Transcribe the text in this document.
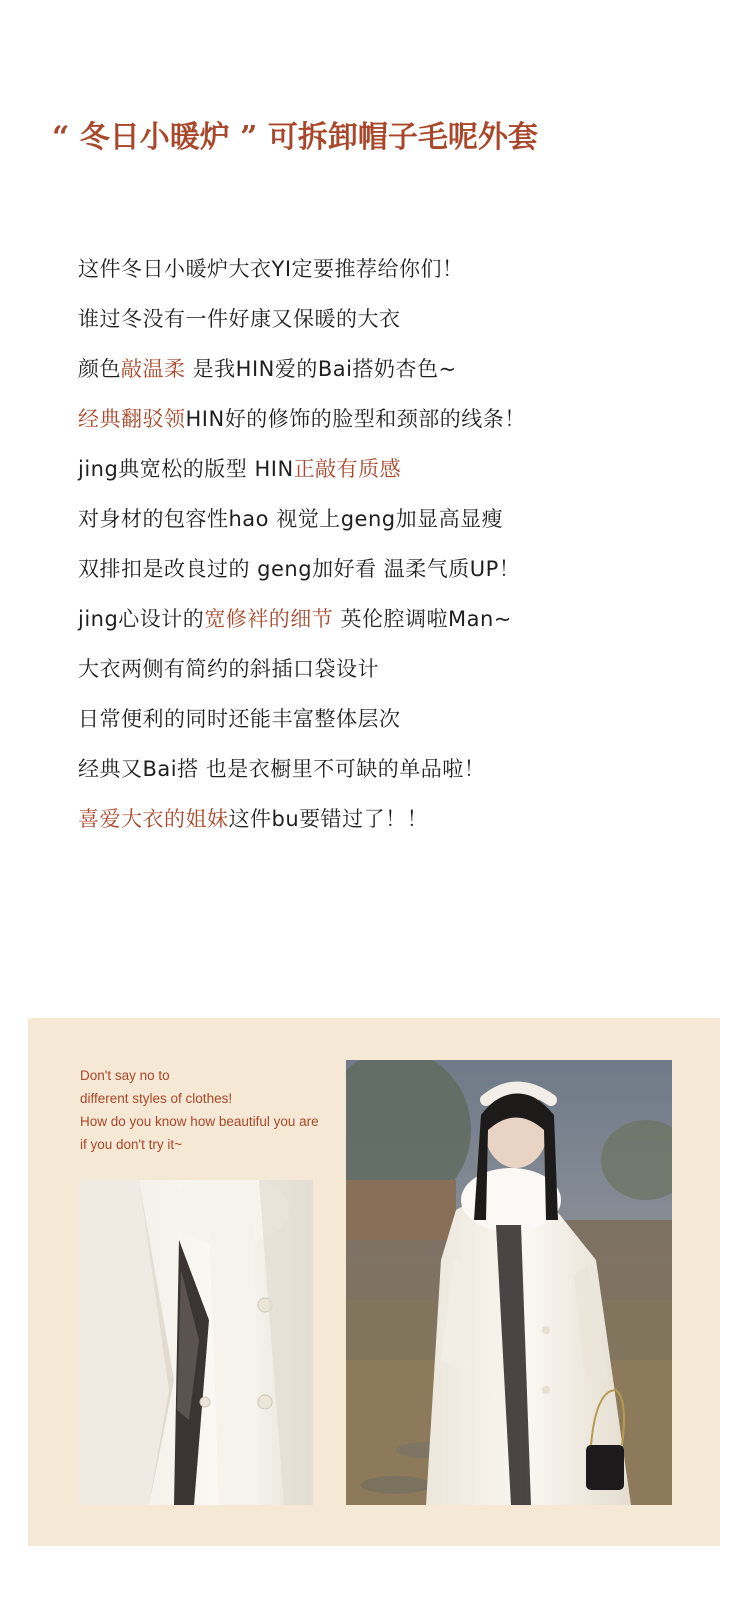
“ 冬日小暖炉 ” 可拆卸帽子毛呢外套
这件冬日小暖炉大衣YI定要推荐给你们！
谁过冬没有一件好康又保暖的大衣
颜色敲温柔 是我HIN爱的Bai搭奶杏色~
经典翻驳领HIN好的修饰的脸型和颈部的线条！
jing典宽松的版型 HIN正敲有质感
对身材的包容性hao 视觉上geng加显高显瘦
双排扣是改良过的 geng加好看 温柔气质UP！
jing心设计的宽修袢的细节 英伦腔调啦Man~
大衣两侧有简约的斜插口袋设计
日常便利的同时还能丰富整体层次
经典又Bai搭 也是衣橱里不可缺的单品啦！
喜爱大衣的姐妹这件bu要错过了！！
Don't say no to
different styles of clothes!
How do you know how beautiful you are
if you don't try it~
